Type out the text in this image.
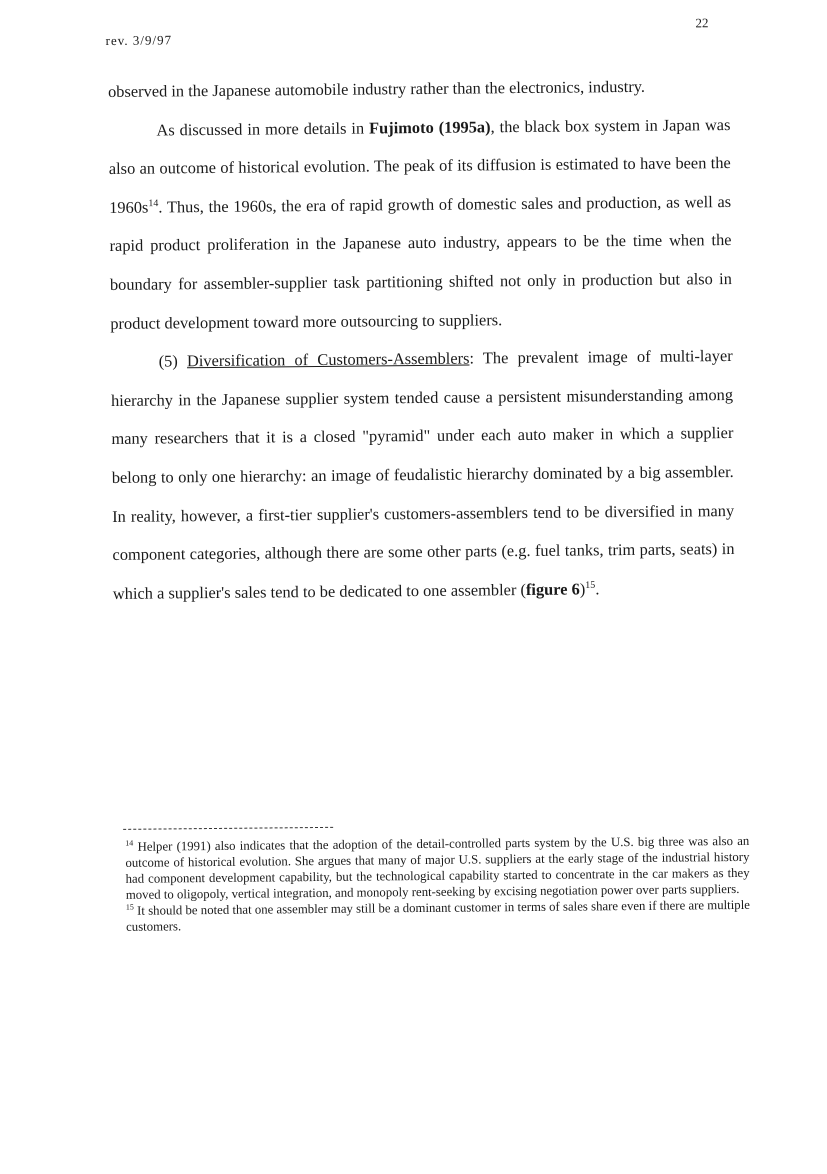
rev. 3/9/97
22

observed in the Japanese automobile industry rather than the electronics, industry.

As discussed in more details in Fujimoto (1995a), the black box system in Japan was also an outcome of historical evolution. The peak of its diffusion is estimated to have been the $1960s^{14}$. Thus, the 1960s, the era of rapid growth of domestic sales and production, as well as rapid product proliferation in the Japanese auto industry, appears to be the time when the boundary for assembler-supplier task partitioning shifted not only in production but also in product development toward more outsourcing to suppliers.

(5) Diversification of Customers-Assemblers: The prevalent image of multi-layer hierarchy in the Japanese supplier system tended cause a persistent misunderstanding among many researchers that it is a closed "pyramid" under each auto maker in which a supplier belong to only one hierarchy: an image of feudalistic hierarchy dominated by a big assembler. In reality, however, a first-tier supplier's customers-assemblers tend to be diversified in many component categories, although there are some other parts (e.g. fuel tanks, trim parts, seats) in which a supplier's sales tend to be dedicated to one assembler (figure 6)$^{15}$.

$^{14}$ Helper (1991) also indicates that the adoption of the detail-controlled parts system by the U.S. big three was also an outcome of historical evolution. She argues that many of major U.S. suppliers at the early stage of the industrial history had component development capability, but the technological capability started to concentrate in the car makers as they moved to oligopoly, vertical integration, and monopoly rent-seeking by excising negotiation power over parts suppliers.

$^{15}$ It should be noted that one assembler may still be a dominant customer in terms of sales share even if there are multiple customers.
